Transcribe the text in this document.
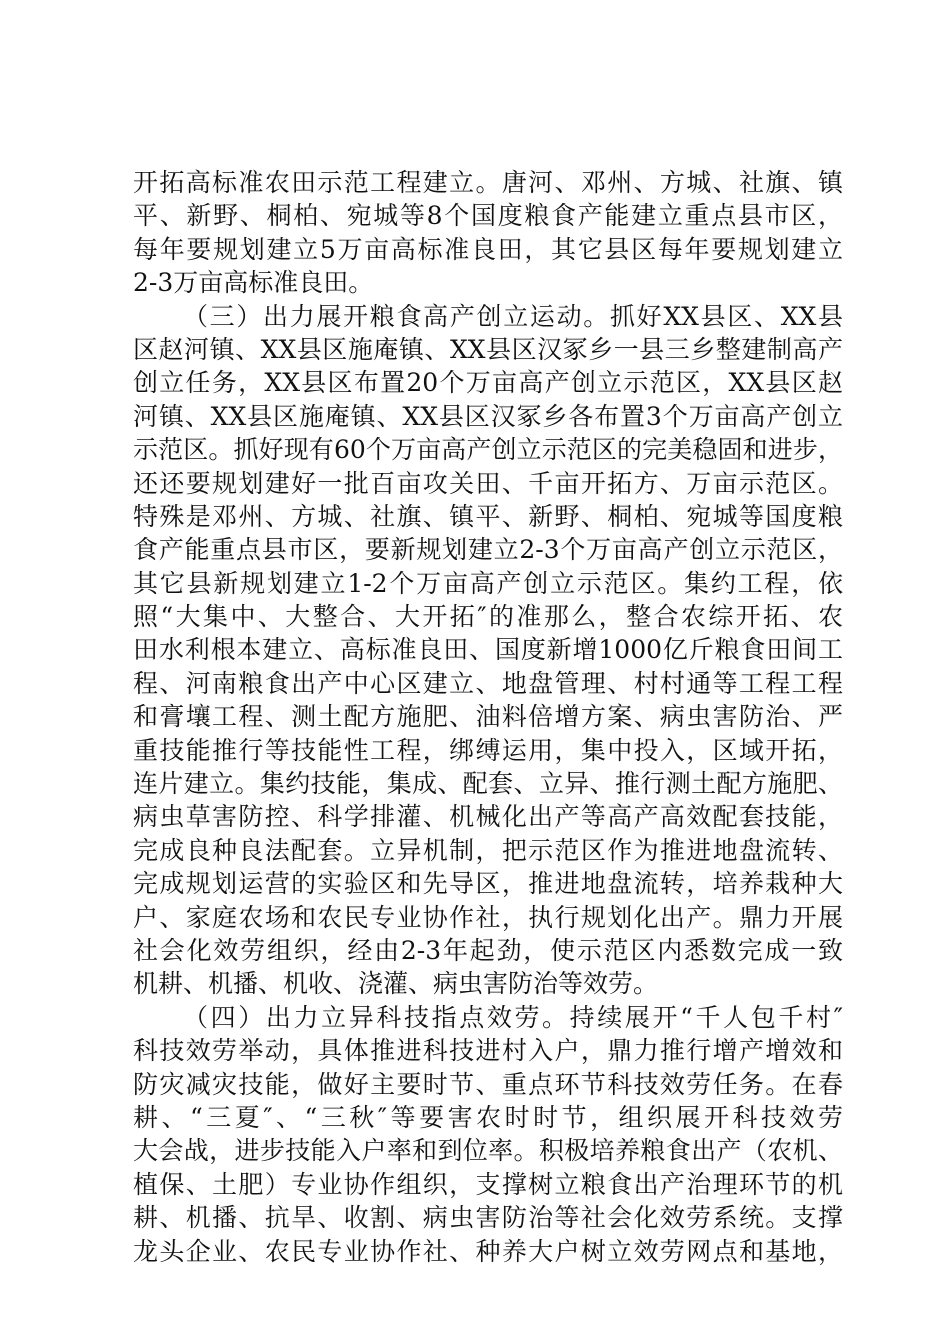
开拓高标准农田示范工程建立。唐河、邓州、方城、社旗、镇
平、新野、桐柏、宛城等8个国度粮食产能建立重点县市区，
每年要规划建立5万亩高标准良田，其它县区每年要规划建立
2-3万亩高标准良田。
（三）出力展开粮食高产创立运动。抓好XX县区、XX县
区赵河镇、XX县区施庵镇、XX县区汉冢乡一县三乡整建制高产
创立任务，XX县区布置20个万亩高产创立示范区，XX县区赵
河镇、XX县区施庵镇、XX县区汉冢乡各布置3个万亩高产创立
示范区。抓好现有60个万亩高产创立示范区的完美稳固和进步，
还还要规划建好一批百亩攻关田、千亩开拓方、万亩示范区。
特殊是邓州、方城、社旗、镇平、新野、桐柏、宛城等国度粮
食产能重点县市区，要新规划建立2-3个万亩高产创立示范区，
其它县新规划建立1-2个万亩高产创立示范区。集约工程，依
照“大集中、大整合、大开拓″的准那么，整合农综开拓、农
田水利根本建立、高标准良田、国度新增1000亿斤粮食田间工
程、河南粮食出产中心区建立、地盘管理、村村通等工程工程
和膏壤工程、测土配方施肥、油料倍增方案、病虫害防治、严
重技能推行等技能性工程，绑缚运用，集中投入，区域开拓，
连片建立。集约技能，集成、配套、立异、推行测土配方施肥、
病虫草害防控、科学排灌、机械化出产等高产高效配套技能，
完成良种良法配套。立异机制，把示范区作为推进地盘流转、
完成规划运营的实验区和先导区，推进地盘流转，培养栽种大
户、家庭农场和农民专业协作社，执行规划化出产。鼎力开展
社会化效劳组织，经由2-3年起劲，使示范区内悉数完成一致
机耕、机播、机收、浇灌、病虫害防治等效劳。
（四）出力立异科技指点效劳。持续展开“千人包千村″
科技效劳举动，具体推进科技进村入户，鼎力推行增产增效和
防灾减灾技能，做好主要时节、重点环节科技效劳任务。在春
耕、“三夏″、“三秋″等要害农时时节，组织展开科技效劳
大会战，进步技能入户率和到位率。积极培养粮食出产（农机、
植保、土肥）专业协作组织，支撑树立粮食出产治理环节的机
耕、机播、抗旱、收割、病虫害防治等社会化效劳系统。支撑
龙头企业、农民专业协作社、种养大户树立效劳网点和基地，
